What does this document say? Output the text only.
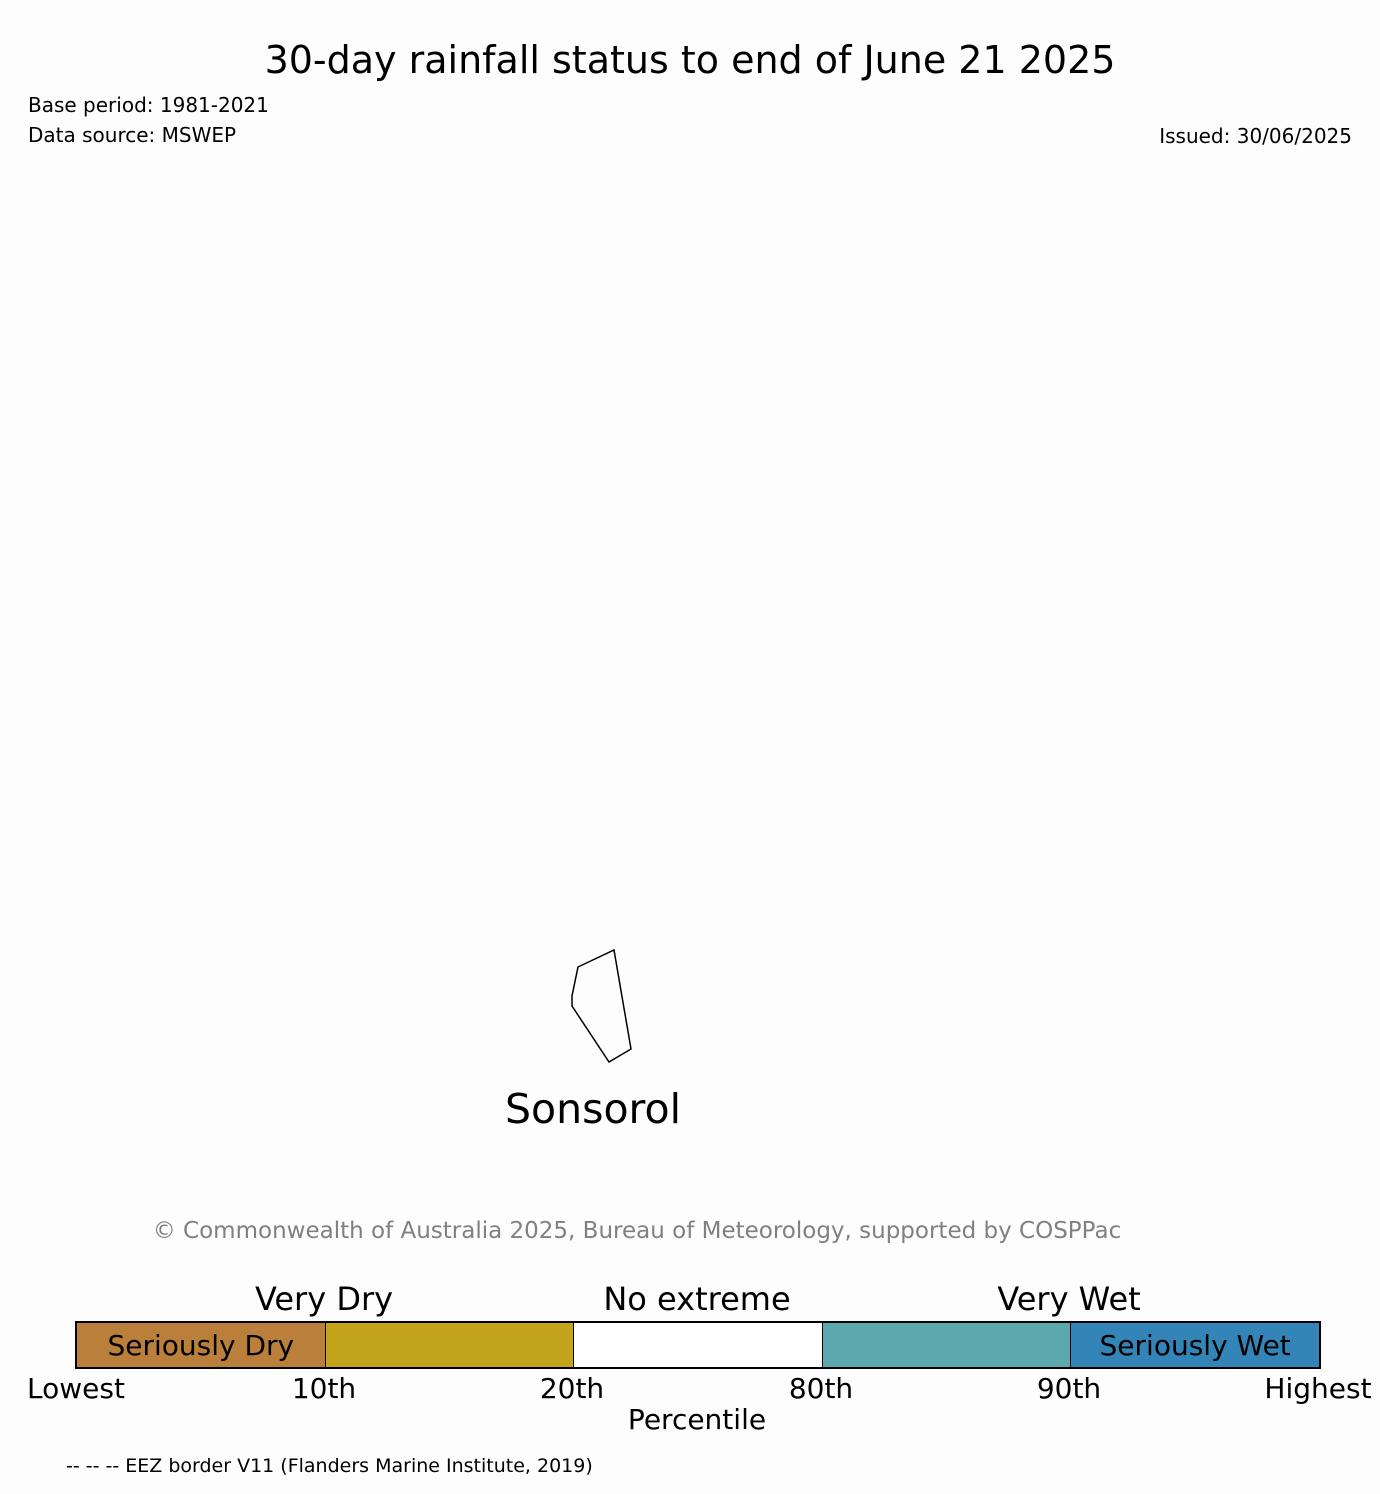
30-day rainfall status to end of June 21 2025
Base period: 1981-2021
Data source: MSWEP	Issued: 30/06/2025
Sonsorol
© Commonwealth of Australia 2025, Bureau of Meteorology, supported by COSPPac
Very Dry	No extreme	Very Wet
Seriously Dry	Seriously Wet
Lowest	10th	20th	80th	90th	Highest
Percentile
-- -- -- EEZ border V11 (Flanders Marine Institute, 2019)
